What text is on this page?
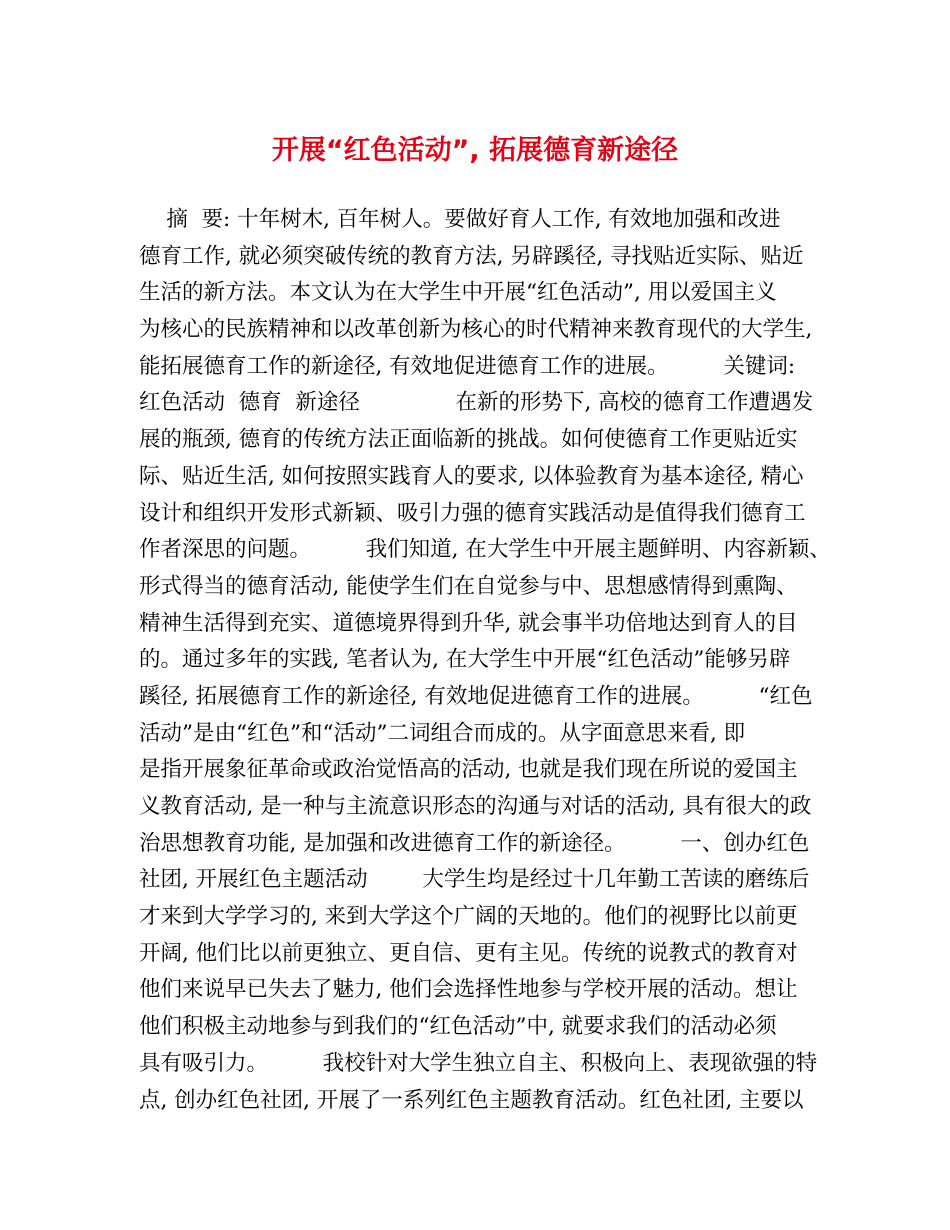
开展“红色活动”, 拓展德育新途径
摘  要: 十年树木, 百年树人。要做好育人工作, 有效地加强和改进
德育工作, 就必须突破传统的教育方法, 另辟蹊径, 寻找贴近实际、贴近
生活的新方法。本文认为在大学生中开展“红色活动”, 用以爱国主义
为核心的民族精神和以改革创新为核心的时代精神来教育现代的大学生,
能拓展德育工作的新途径, 有效地促进德育工作的进展。        关键词:
红色活动  德育  新途径              在新的形势下, 高校的德育工作遭遇发
展的瓶颈, 德育的传统方法正面临新的挑战。如何使德育工作更贴近实
际、贴近生活, 如何按照实践育人的要求, 以体验教育为基本途径, 精心
设计和组织开发形式新颖、吸引力强的德育实践活动是值得我们德育工
作者深思的问题。        我们知道, 在大学生中开展主题鲜明、内容新颖、
形式得当的德育活动, 能使学生们在自觉参与中、思想感情得到熏陶、
精神生活得到充实、道德境界得到升华, 就会事半功倍地达到育人的目
的。通过多年的实践, 笔者认为, 在大学生中开展“红色活动”能够另辟
蹊径, 拓展德育工作的新途径, 有效地促进德育工作的进展。        “红色
活动”是由“红色”和“活动”二词组合而成的。从字面意思来看, 即
是指开展象征革命或政治觉悟高的活动, 也就是我们现在所说的爱国主
义教育活动, 是一种与主流意识形态的沟通与对话的活动, 具有很大的政
治思想教育功能, 是加强和改进德育工作的新途径。        一、创办红色
社团, 开展红色主题活动        大学生均是经过十几年勤工苦读的磨练后
才来到大学学习的, 来到大学这个广阔的天地的。他们的视野比以前更
开阔, 他们比以前更独立、更自信、更有主见。传统的说教式的教育对
他们来说早已失去了魅力, 他们会选择性地参与学校开展的活动。想让
他们积极主动地参与到我们的“红色活动”中, 就要求我们的活动必须
具有吸引力。        我校针对大学生独立自主、积极向上、表现欲强的特
点, 创办红色社团, 开展了一系列红色主题教育活动。红色社团, 主要以
